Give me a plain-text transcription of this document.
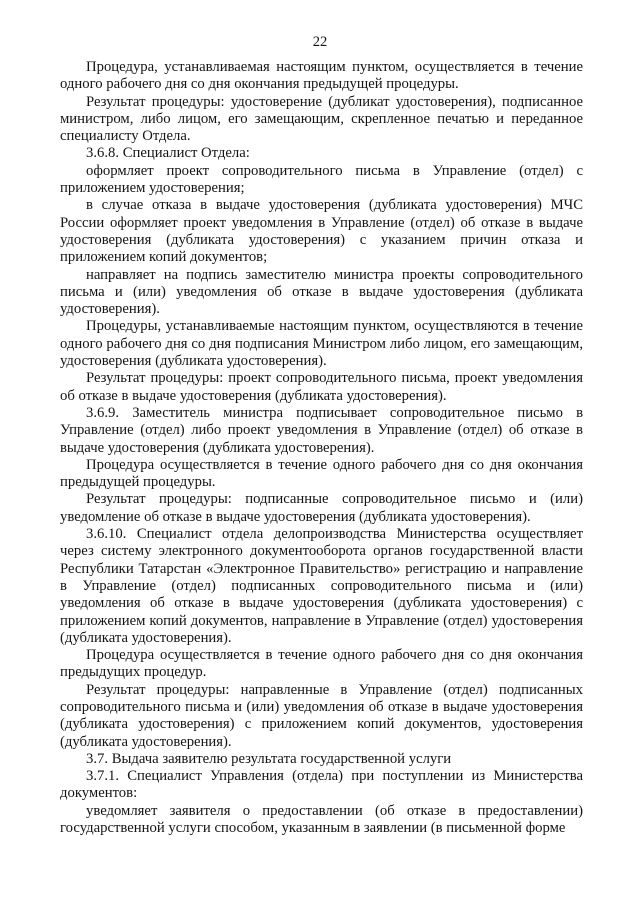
22

Процедура, устанавливаемая настоящим пунктом, осуществляется в течение одного рабочего дня со дня окончания предыдущей процедуры.

Результат процедуры: удостоверение (дубликат удостоверения), подписанное министром, либо лицом, его замещающим, скрепленное печатью и переданное специалисту Отдела.

3.6.8. Специалист Отдела:

оформляет проект сопроводительного письма в Управление (отдел) с приложением удостоверения;

в случае отказа в выдаче удостоверения (дубликата удостоверения) МЧС России оформляет проект уведомления в Управление (отдел) об отказе в выдаче удостоверения (дубликата удостоверения) с указанием причин отказа и приложением копий документов;

направляет на подпись заместителю министра проекты сопроводительного письма и (или) уведомления об отказе в выдаче удостоверения (дубликата удостоверения).

Процедуры, устанавливаемые настоящим пунктом, осуществляются в течение одного рабочего дня со дня подписания Министром либо лицом, его замещающим, удостоверения (дубликата удостоверения).

Результат процедуры: проект сопроводительного письма, проект уведомления об отказе в выдаче удостоверения (дубликата удостоверения).

3.6.9. Заместитель министра подписывает сопроводительное письмо в Управление (отдел) либо проект уведомления в Управление (отдел) об отказе в выдаче удостоверения (дубликата удостоверения).

Процедура осуществляется в течение одного рабочего дня со дня окончания предыдущей процедуры.

Результат процедуры: подписанные сопроводительное письмо и (или) уведомление об отказе в выдаче удостоверения (дубликата удостоверения).

3.6.10. Специалист отдела делопроизводства Министерства осуществляет через систему электронного документооборота органов государственной власти Республики Татарстан «Электронное Правительство» регистрацию и направление в Управление (отдел) подписанных сопроводительного письма и (или) уведомления об отказе в выдаче удостоверения (дубликата удостоверения) с приложением копий документов, направление в Управление (отдел) удостоверения (дубликата удостоверения).

Процедура осуществляется в течение одного рабочего дня со дня окончания предыдущих процедур.

Результат процедуры: направленные в Управление (отдел) подписанных сопроводительного письма и (или) уведомления об отказе в выдаче удостоверения (дубликата удостоверения) с приложением копий документов, удостоверения (дубликата удостоверения).

3.7. Выдача заявителю результата государственной услуги

3.7.1. Специалист Управления (отдела) при поступлении из Министерства документов:

уведомляет заявителя о предоставлении (об отказе в предоставлении) государственной услуги способом, указанным в заявлении (в письменной форме
